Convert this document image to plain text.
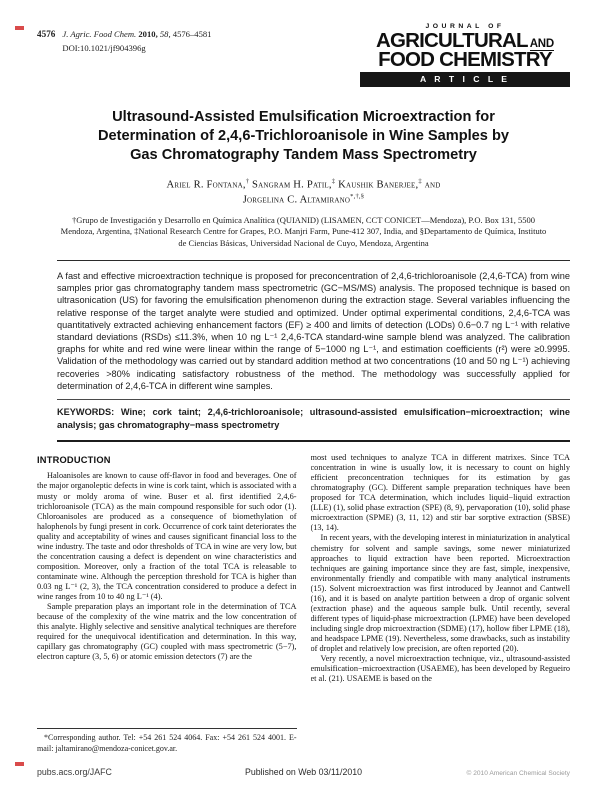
4576 J. Agric. Food Chem. 2010, 58, 4576–4581
DOI:10.1021/jf904396g
JOURNAL OF
AGRICULTURAL AND
FOOD CHEMISTRY
A R T I C L E
Ultrasound-Assisted Emulsification Microextraction for
Determination of 2,4,6-Trichloroanisole in Wine Samples by
Gas Chromatography Tandem Mass Spectrometry
Ariel R. Fontana,† Sangram H. Patil,‡ Kaushik Banerjee,‡ and
Jorgelina C. Altamirano*,†,§
†Grupo de Investigación y Desarrollo en Química Analítica (QUIANID) (LISAMEN, CCT CONICET—Mendoza), P.O. Box 131, 5500 Mendoza, Argentina, ‡National Research Centre for Grapes, P.O. Manjri Farm, Pune-412 307, India, and §Departamento de Química, Instituto de Ciencias Básicas, Universidad Nacional de Cuyo, Mendoza, Argentina
A fast and effective microextraction technique is proposed for preconcentration of 2,4,6-trichloroanisole (2,4,6-TCA) from wine samples prior gas chromatography tandem mass spectrometric (GC−MS/MS) analysis. The proposed technique is based on ultrasonication (US) for favoring the emulsification phenomenon during the extraction stage. Several variables influencing the relative response of the target analyte were studied and optimized. Under optimal experimental conditions, 2,4,6-TCA was quantitatively extracted achieving enhancement factors (EF) ≥ 400 and limits of detection (LODs) 0.6−0.7 ng L⁻¹ with relative standard deviations (RSDs) ≤11.3%, when 10 ng L⁻¹ 2,4,6-TCA standard-wine sample blend was analyzed. The calibration graphs for white and red wine were linear within the range of 5−1000 ng L⁻¹, and estimation coefficients (r²) were ≥0.9995. Validation of the methodology was carried out by standard addition method at two concentrations (10 and 50 ng L⁻¹) achieving recoveries >80% indicating satisfactory robustness of the method. The methodology was successfully applied for determination of 2,4,6-TCA in different wine samples.

KEYWORDS: Wine; cork taint; 2,4,6-trichloroanisole; ultrasound-assisted emulsification−microextraction; wine analysis; gas chromatography−mass spectrometry

INTRODUCTION

Haloanisoles are known to cause off-flavor in food and beverages. One of the major organoleptic defects in wine is cork taint, which is associated with a musty or moldy aroma of wine. Buser et al. first identified 2,4,6-trichloroanisole (TCA) as the main compound responsible for such odor (1). Chloroanisoles are produced as a consequence of biomethylation of halophenols by fungi present in cork. Occurrence of cork taint deteriorates the quality and acceptability of wines and causes significant financial loss to the wine industry. The taste and odor thresholds of TCA in wine are very low, but the concentration causing a defect is dependent on wine characteristics and composition. Moreover, only a fraction of the total TCA is releasable to contaminate wine. Although the perception threshold for TCA is higher than 0.03 ng L⁻¹ (2, 3), the TCA concentration considered to produce a defect in wine ranges from 10 to 40 ng L⁻¹ (4).

Sample preparation plays an important role in the determination of TCA because of the complexity of the wine matrix and the low concentration of this analyte. Highly selective and sensitive analytical techniques are therefore required for the unequivocal identification and determination. In this way, capillary gas chromatography (GC) coupled with mass spectrometric (5−7), electron capture (3, 5, 6) or atomic emission detectors (7) are the

*Corresponding author. Tel: +54 261 524 4064. Fax: +54 261 524 4001. E-mail: jaltamirano@mendoza-conicet.gov.ar.

most used techniques to analyze TCA in different matrixes. Since TCA concentration in wine is usually low, it is necessary to count on highly efficient preconcentration techniques for its estimation by gas chromatography (GC). Different sample preparation techniques have been proposed for TCA determination, which includes liquid−liquid extraction (LLE) (1), solid phase extraction (SPE) (8, 9), pervaporation (10), solid phase microextraction (SPME) (3, 11, 12) and stir bar sorptive extraction (SBSE) (13, 14).

In recent years, with the developing interest in miniaturization in analytical chemistry for solvent and sample savings, some newer miniaturized approaches to liquid extraction have been reported. Microextraction techniques are gaining importance since they are fast, simple, inexpensive, environmentally friendly and compatible with many analytical instruments (15). Solvent microextraction was first introduced by Jeannot and Cantwell (16), and it is based on analyte partition between a drop of organic solvent (extraction phase) and the aqueous sample bulk. Until recently, several different types of liquid-phase microextraction (LPME) have been developed including single drop microextraction (SDME) (17), hollow fiber LPME (18), and headspace LPME (19). Nevertheless, some drawbacks, such as instability of droplet and relatively low precision, are often reported (20).

Very recently, a novel microextraction technique, viz., ultrasound-assisted emulsification−microextraction (USAEME), has been developed by Regueiro et al. (21). USAEME is based on the

pubs.acs.org/JAFC	Published on Web 03/11/2010	© 2010 American Chemical Society
